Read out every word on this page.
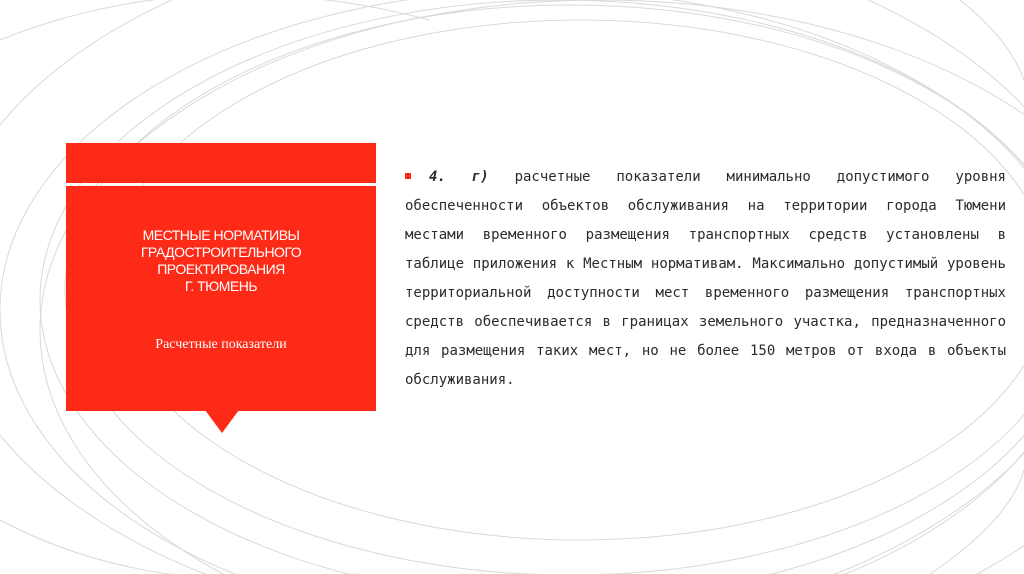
МЕСТНЫЕ НОРМАТИВЫ
ГРАДОСТРОИТЕЛЬНОГО
ПРОЕКТИРОВАНИЯ
Г. ТЮМЕНЬ
Расчетные показатели
4. г) расчетные показатели минимально допустимого уровня обеспеченности объектов обслуживания на территории города Тюмени местами временного размещения транспортных средств установлены в таблице приложения к Местным нормативам. Максимально допустимый уровень территориальной доступности мест временного размещения транспортных средств обеспечивается в границах земельного участка, предназначенного для размещения таких мест, но не более 150 метров от входа в объекты обслуживания.
